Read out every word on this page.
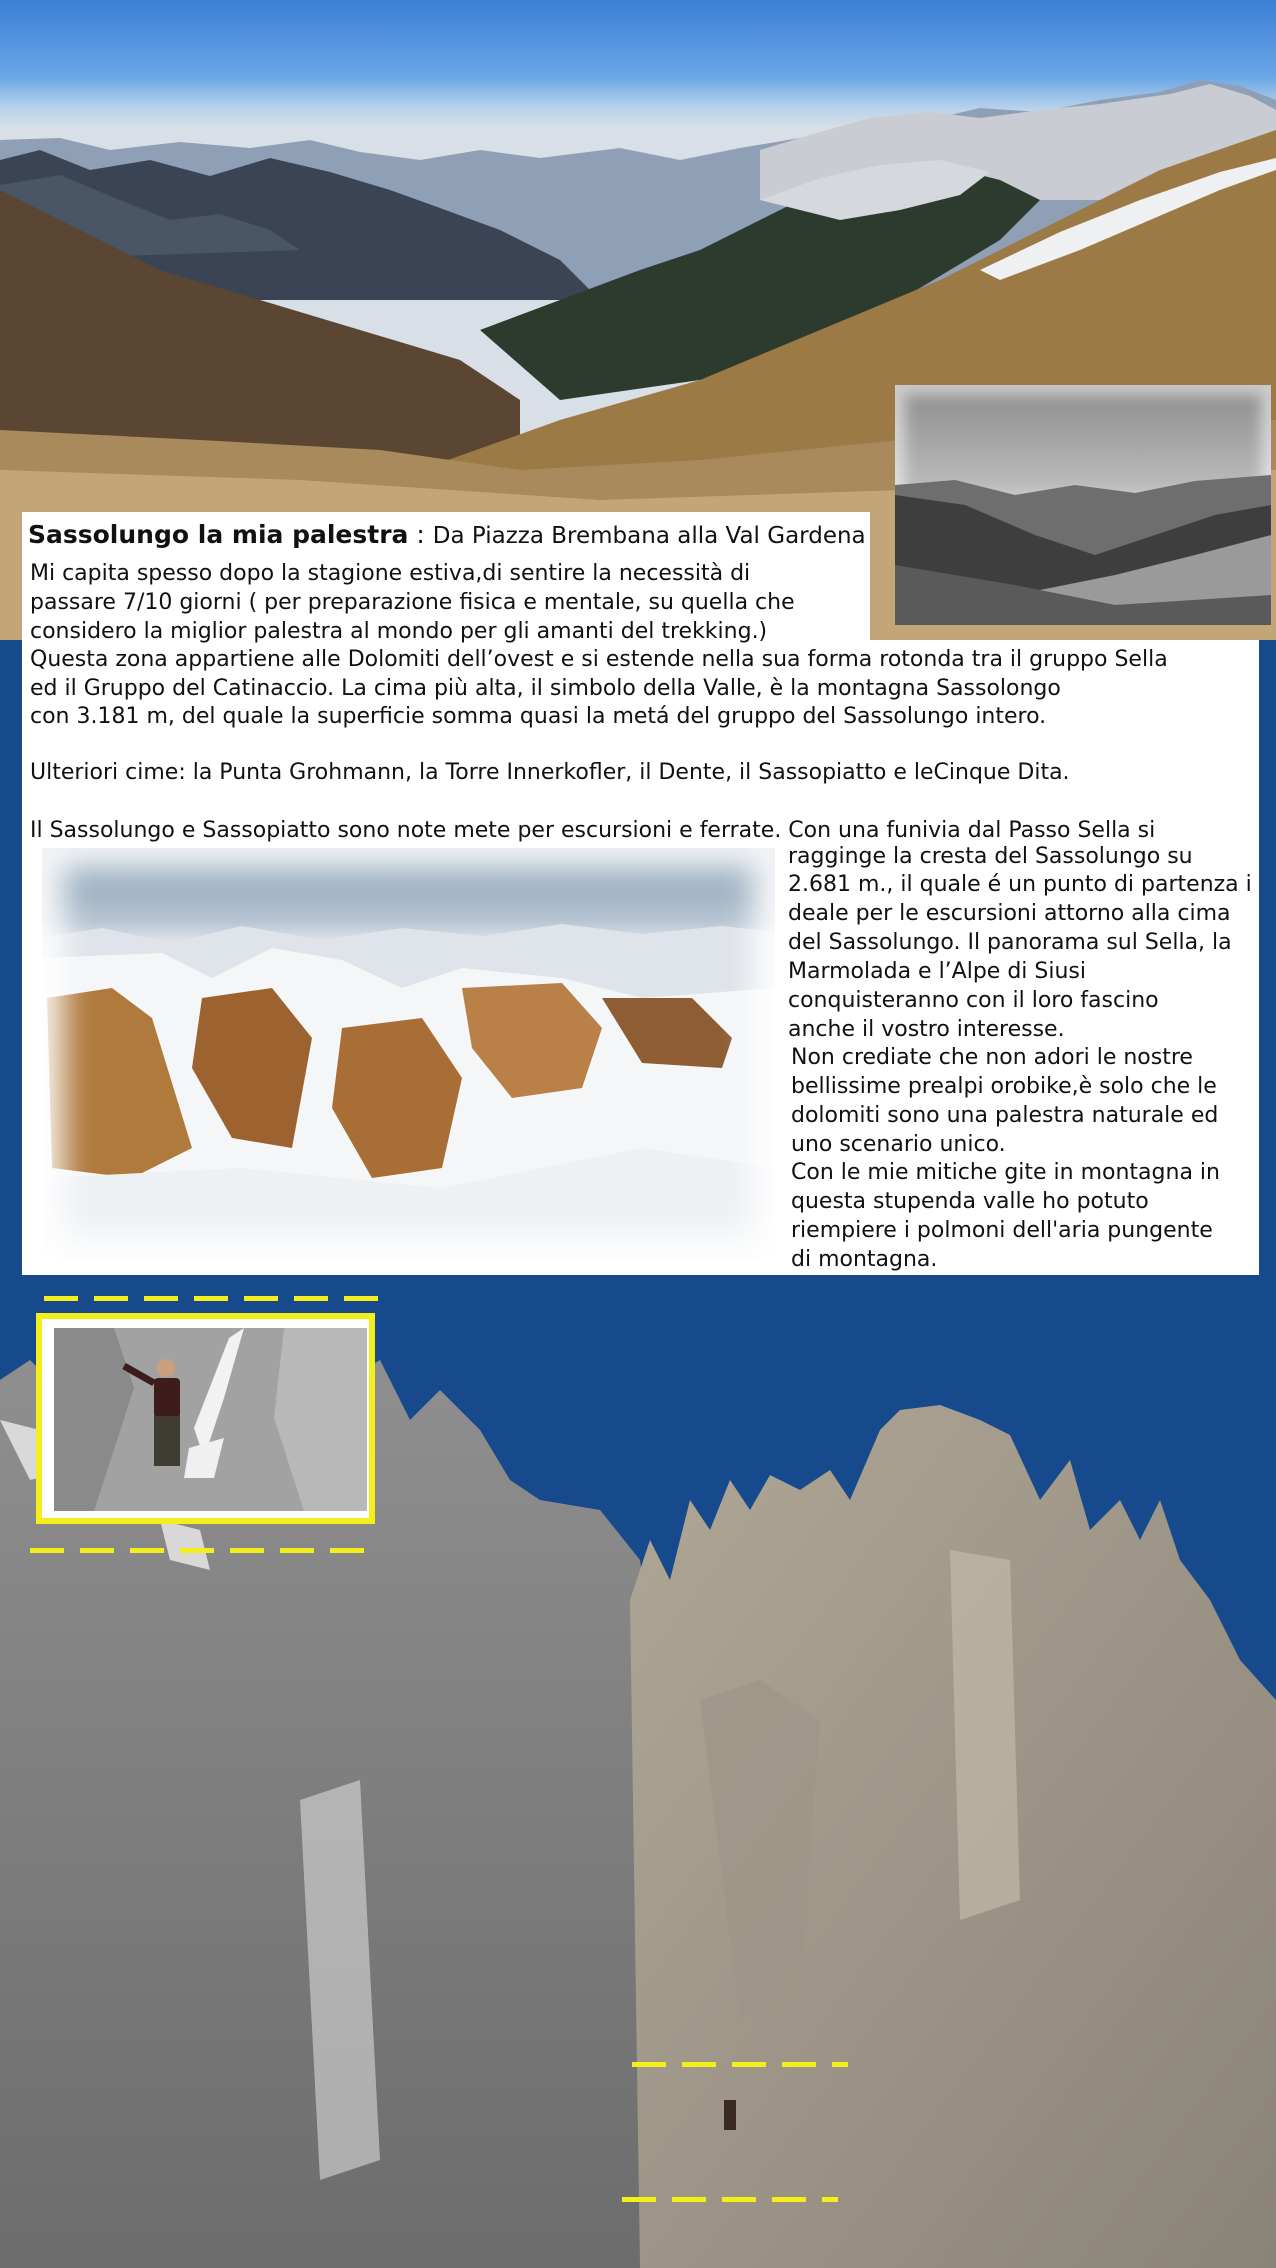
Sassolungo la mia palestra : Da Piazza Brembana alla Val Gardena
Mi capita spesso dopo la stagione estiva,di sentire la necessità di
passare 7/10 giorni ( per preparazione fisica e mentale, su quella che
considero la miglior palestra al mondo per gli amanti del trekking.)
Questa zona appartiene alle Dolomiti dell’ovest e si estende nella sua forma rotonda tra il gruppo Sella
ed il Gruppo del Catinaccio. La cima più alta, il simbolo della Valle, è la montagna Sassolongo
con 3.181 m, del quale la superficie somma quasi la metá del gruppo del Sassolungo intero.
Ulteriori cime: la Punta Grohmann, la Torre Innerkofler, il Dente, il Sassopiatto e leCinque Dita.
Il Sassolungo e Sassopiatto sono note mete per escursioni e ferrate. Con una funivia dal Passo Sella si
ragginge la cresta del Sassolungo su
2.681 m., il quale é un punto di partenza i
deale per le escursioni attorno alla cima
del Sassolungo. Il panorama sul Sella, la
Marmolada e l’Alpe di Siusi
conquisteranno con il loro fascino
anche il vostro interesse.
Non crediate che non adori le nostre
bellissime prealpi orobike,è solo che le
dolomiti sono una palestra naturale ed
uno scenario unico.
Con le mie mitiche gite in montagna in
questa stupenda valle ho potuto
riempiere i polmoni dell'aria pungente
di montagna.
